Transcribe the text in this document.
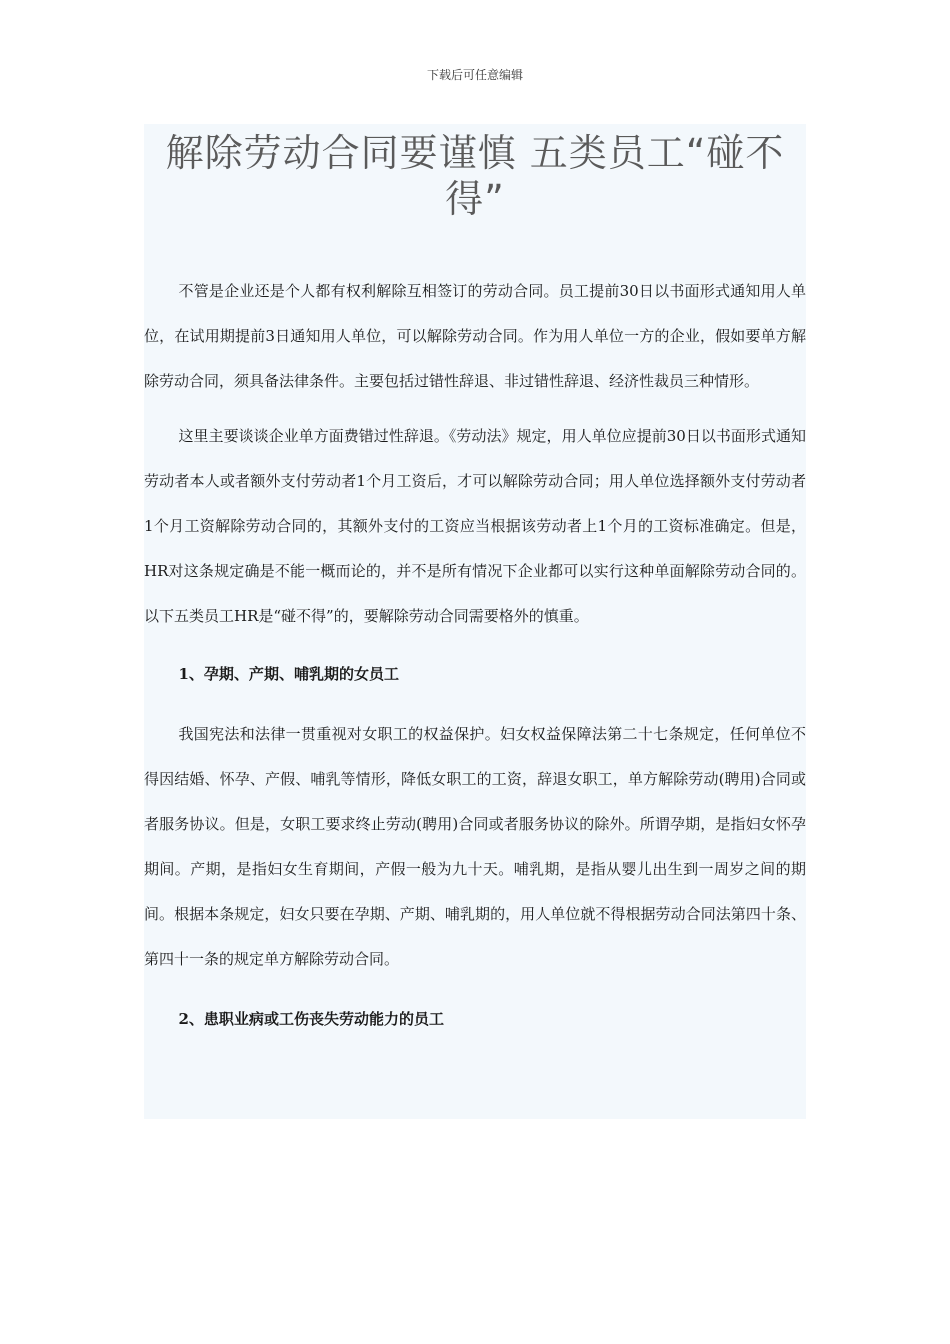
下载后可任意编辑
解除劳动合同要谨慎 五类员工“碰不得”

不管是企业还是个人都有权利解除互相签订的劳动合同。员工提前30日以书面形式通知用人单位，在试用期提前3日通知用人单位，可以解除劳动合同。作为用人单位一方的企业，假如要单方解除劳动合同，须具备法律条件。主要包括过错性辞退、非过错性辞退、经济性裁员三种情形。

这里主要谈谈企业单方面费错过性辞退。《劳动法》规定，用人单位应提前30日以书面形式通知劳动者本人或者额外支付劳动者1个月工资后，才可以解除劳动合同；用人单位选择额外支付劳动者1个月工资解除劳动合同的，其额外支付的工资应当根据该劳动者上1个月的工资标准确定。但是，HR对这条规定确是不能一概而论的，并不是所有情况下企业都可以实行这种单面解除劳动合同的。以下五类员工HR是“碰不得”的，要解除劳动合同需要格外的慎重。

1、孕期、产期、哺乳期的女员工

我国宪法和法律一贯重视对女职工的权益保护。妇女权益保障法第二十七条规定，任何单位不得因结婚、怀孕、产假、哺乳等情形，降低女职工的工资，辞退女职工，单方解除劳动(聘用)合同或者服务协议。但是，女职工要求终止劳动(聘用)合同或者服务协议的除外。所谓孕期，是指妇女怀孕期间。产期，是指妇女生育期间，产假一般为九十天。哺乳期，是指从婴儿出生到一周岁之间的期间。根据本条规定，妇女只要在孕期、产期、哺乳期的，用人单位就不得根据劳动合同法第四十条、第四十一条的规定单方解除劳动合同。

2、患职业病或工伤丧失劳动能力的员工
